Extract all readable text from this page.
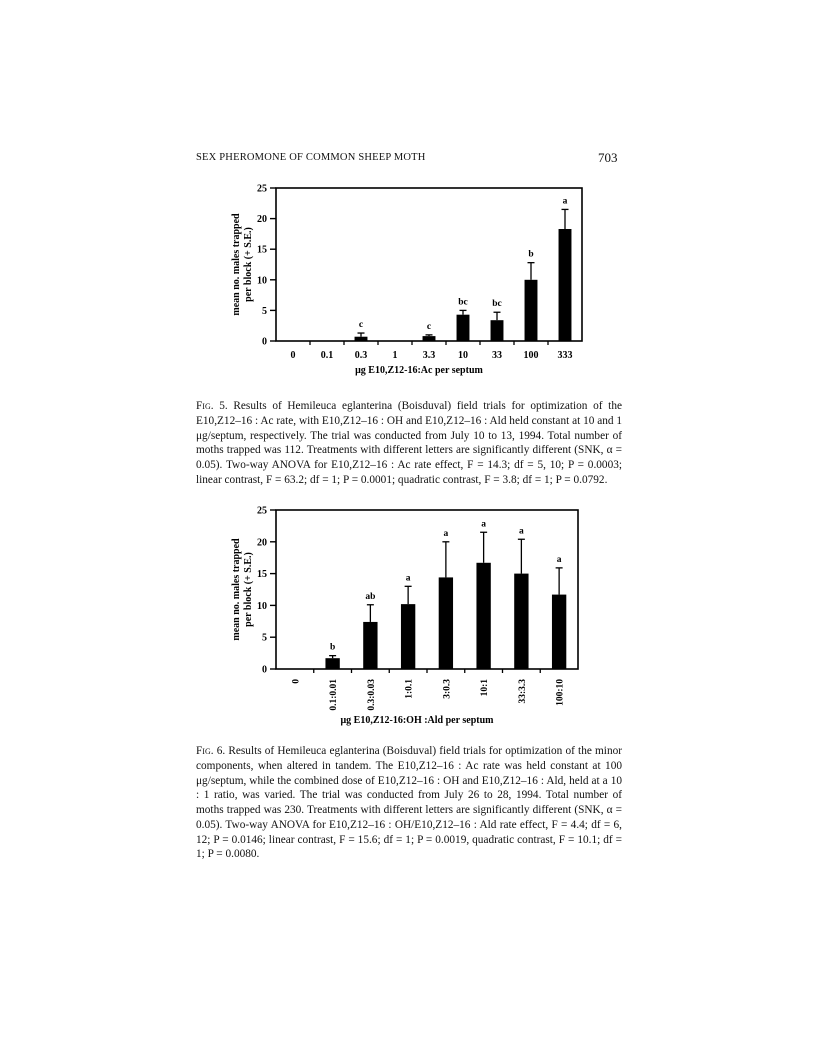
SEX PHEROMONE OF COMMON SHEEP MOTH	703
0
5
10
15
20
25
mean no. males trapped per block (+ S.E.)
0	0.1
c
0.3	1
c
3.3
bc
10
bc
33
b
100
a
333
μg E10,Z12-16:Ac per septum

Fig. 5. Results of Hemileuca eglanterina (Boisduval) field trials for optimization of the E10,Z12–16 : Ac rate, with E10,Z12–16 : OH and E10,Z12–16 : Ald held constant at 10 and 1 μg/septum, respectively. The trial was conducted from July 10 to 13, 1994. Total number of moths trapped was 112. Treatments with different letters are significantly different (SNK, α = 0.05). Two-way ANOVA for E10,Z12–16 : Ac rate effect, F = 14.3; df = 5, 10; P = 0.0003; linear contrast, F = 63.2; df = 1; P = 0.0001; quadratic contrast, F = 3.8; df = 1; P = 0.0792.

0
5
10
15
20
25
mean no. males trapped per block (+ S.E.)
0
b
0.1:0.01
ab
0.3:0.03
a
1:0.1
a
3:0.3
a
10:1
a
33:3.3
a
100:10
μg E10,Z12-16:OH :Ald per septum

Fig. 6. Results of Hemileuca eglanterina (Boisduval) field trials for optimization of the minor components, when altered in tandem. The E10,Z12–16 : Ac rate was held constant at 100 μg/septum, while the combined dose of E10,Z12–16 : OH and E10,Z12–16 : Ald, held at a 10 : 1 ratio, was varied. The trial was conducted from July 26 to 28, 1994. Total number of moths trapped was 230. Treatments with different letters are significantly different (SNK, α = 0.05). Two-way ANOVA for E10,Z12–16 : OH/E10,Z12–16 : Ald rate effect, F = 4.4; df = 6, 12; P = 0.0146; linear contrast, F = 15.6; df = 1; P = 0.0019, quadratic contrast, F = 10.1; df = 1; P = 0.0080.
